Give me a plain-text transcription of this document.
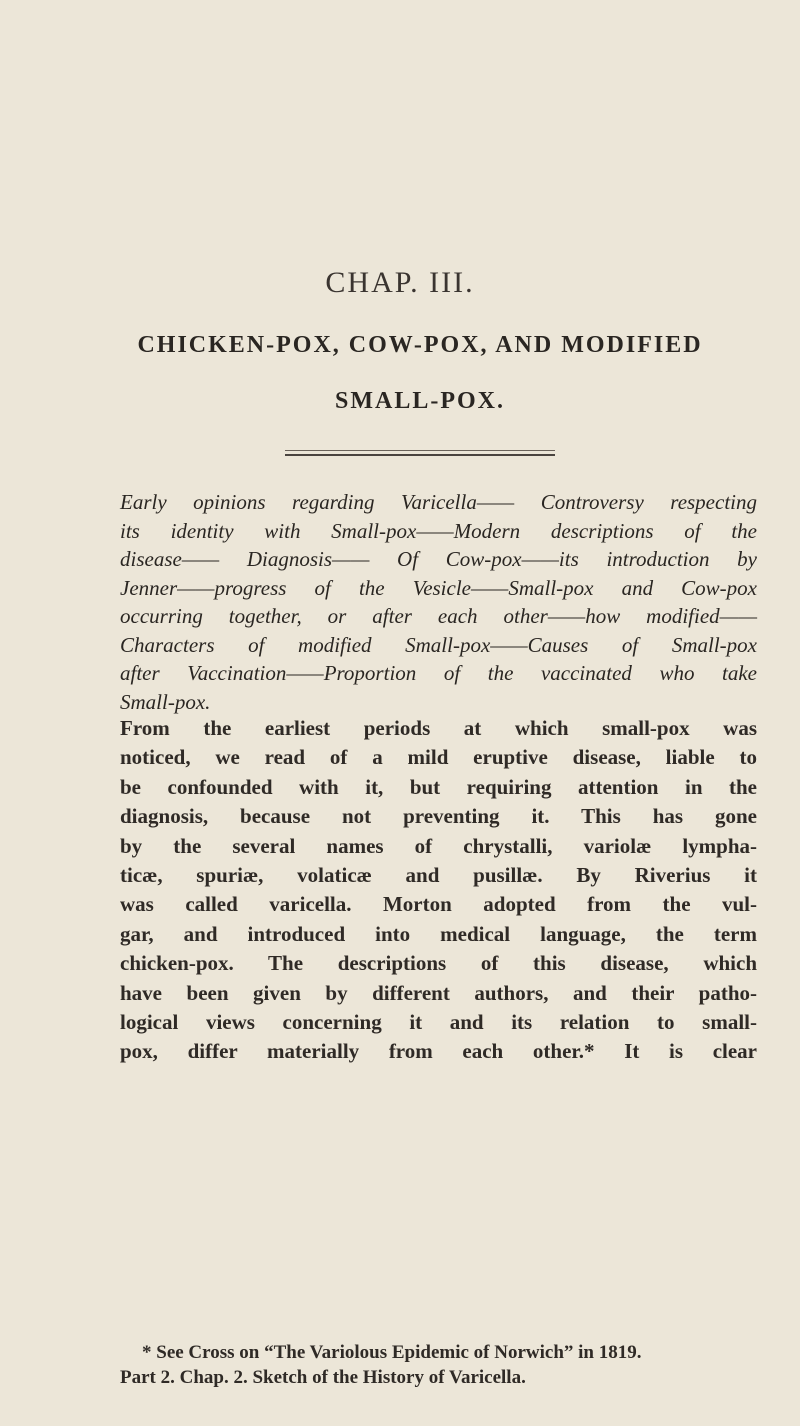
CHAP. III.
CHICKEN-POX, COW-POX, AND MODIFIED
SMALL-POX.
Early opinions regarding Varicella—— Controversy respecting
its identity with Small-pox——Modern descriptions of the
disease—— Diagnosis—— Of Cow-pox——its introduction by
Jenner——progress of the Vesicle——Small-pox and Cow-pox
occurring together, or after each other——how modified——
Characters of modified Small-pox——Causes of Small-pox
after Vaccination——Proportion of the vaccinated who take
Small-pox.
From the earliest periods at which small-pox was
noticed, we read of a mild eruptive disease, liable to
be confounded with it, but requiring attention in the
diagnosis, because not preventing it. This has gone
by the several names of chrystalli, variolæ lympha-
ticæ, spuriæ, volaticæ and pusillæ. By Riverius it
was called varicella. Morton adopted from the vul-
gar, and introduced into medical language, the term
chicken-pox. The descriptions of this disease, which
have been given by different authors, and their patho-
logical views concerning it and its relation to small-
pox, differ materially from each other.* It is clear
* See Cross on “The Variolous Epidemic of Norwich” in 1819.
Part 2. Chap. 2. Sketch of the History of Varicella.
